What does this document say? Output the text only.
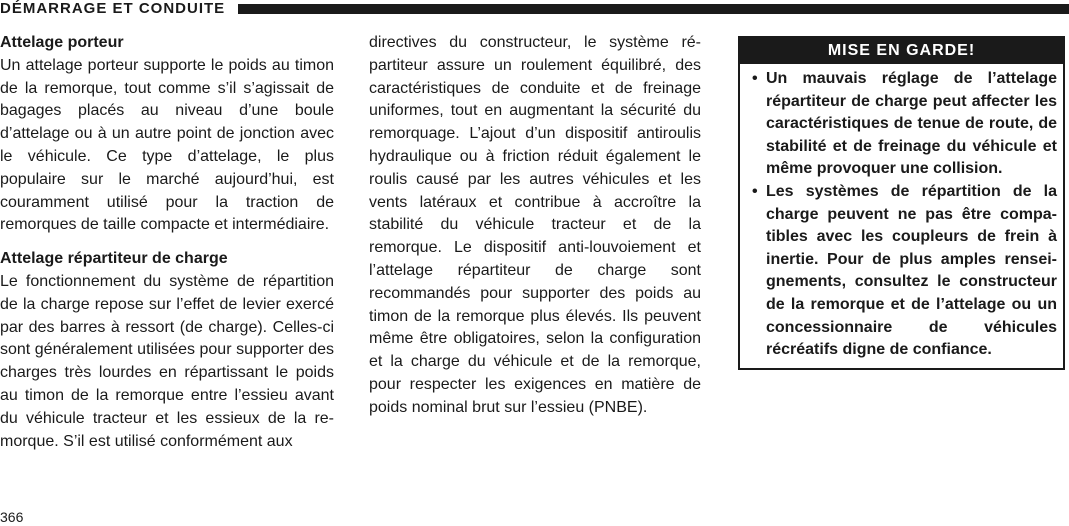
DÉMARRAGE ET CONDUITE

Attelage porteur

Un attelage porteur supporte le poids au timon de la remorque, tout comme s’il s’agissait de bagages placés au niveau d’une boule d’attelage ou à un autre point de jonction avec le véhicule. Ce type d’attelage, le plus populaire sur le marché aujourd’hui, est couramment utilisé pour la traction de remorques de taille compacte et intermédiaire.

Attelage répartiteur de charge

Le fonctionnement du système de répartition de la charge repose sur l’effet de levier exercé par des barres à ressort (de charge). Celles-ci sont généralement utilisées pour supporter des charges très lourdes en répartissant le poids au timon de la remorque entre l’essieu avant du véhicule tracteur et les essieux de la remorque. S’il est utilisé conformément aux

directives du constructeur, le système répartiteur assure un roulement équilibré, des caractéristiques de conduite et de freinage uniformes, tout en augmentant la sécurité du remorquage. L’ajout d’un dispositif antiroulis hydraulique ou à friction réduit également le roulis causé par les autres véhicules et les vents latéraux et contribue à accroître la stabilité du véhicule tracteur et de la remorque. Le dispositif anti-louvoiement et l’attelage répartiteur de charge sont recommandés pour supporter des poids au timon de la remorque plus élevés. Ils peuvent même être obligatoires, selon la configuration et la charge du véhicule et de la remorque, pour respecter les exigences en matière de poids nominal brut sur l’essieu (PNBE).

MISE EN GARDE!
• Un mauvais réglage de l’attelage répartiteur de charge peut affecter les caractéristiques de tenue de route, de stabilité et de freinage du véhicule et même provoquer une collision.
• Les systèmes de répartition de la charge peuvent ne pas être compatibles avec les coupleurs de frein à inertie. Pour de plus amples renseignements, consultez le constructeur de la remorque et de l’attelage ou un concessionnaire de véhicules récréatifs digne de confiance.
366
